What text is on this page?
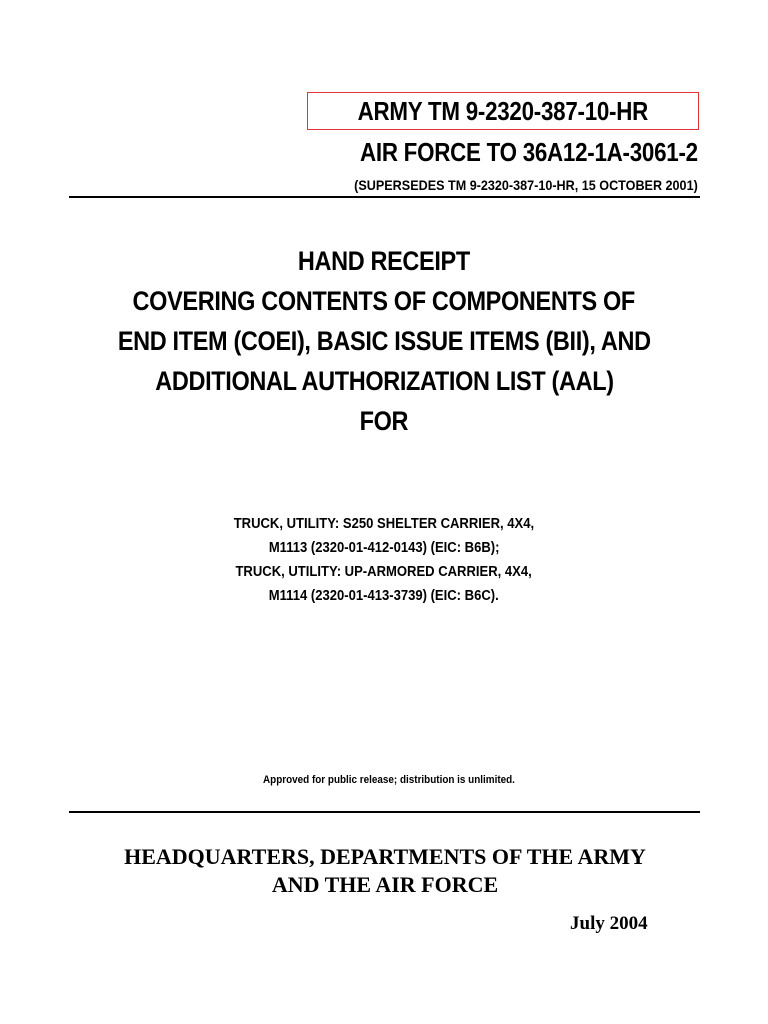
ARMY TM 9-2320-387-10-HR
AIR FORCE TO 36A12-1A-3061-2
(SUPERSEDES TM 9-2320-387-10-HR, 15 OCTOBER 2001)
HAND RECEIPT
COVERING CONTENTS OF COMPONENTS OF
END ITEM (COEI), BASIC ISSUE ITEMS (BII), AND
ADDITIONAL AUTHORIZATION LIST (AAL)
FOR
TRUCK, UTILITY: S250 SHELTER CARRIER, 4X4,
M1113 (2320-01-412-0143) (EIC: B6B);
TRUCK, UTILITY: UP-ARMORED CARRIER, 4X4,
M1114 (2320-01-413-3739) (EIC: B6C).
Approved for public release; distribution is unlimited.
HEADQUARTERS, DEPARTMENTS OF THE ARMY
AND THE AIR FORCE
July 2004
